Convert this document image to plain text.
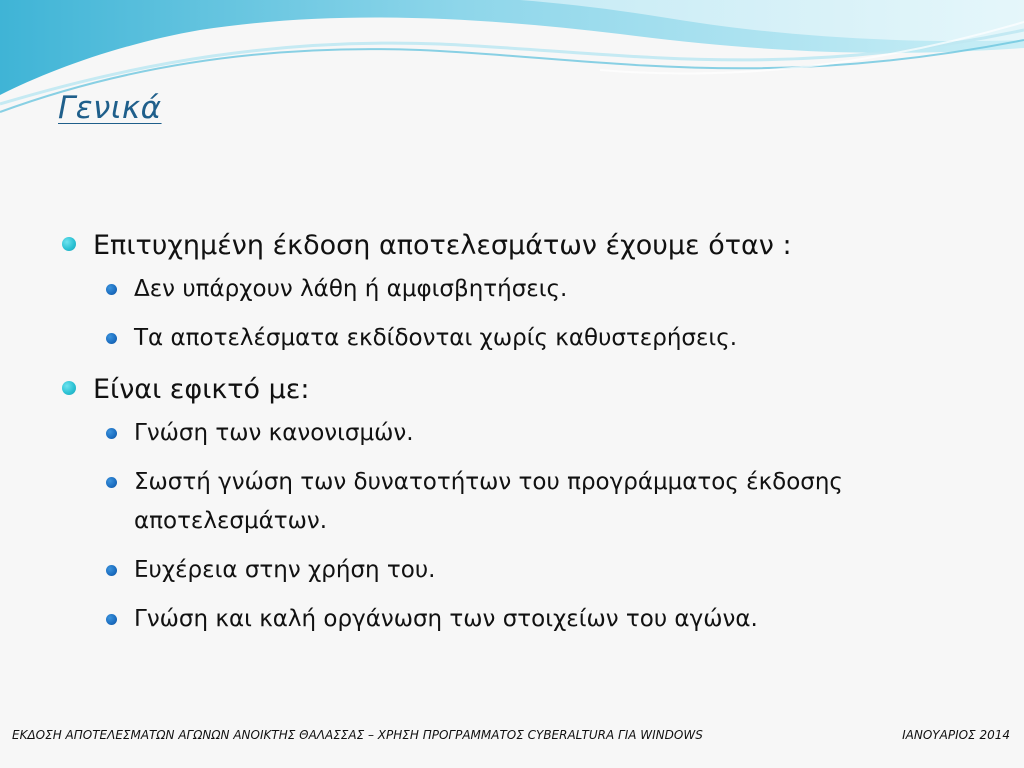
Γενικά
Επιτυχημένη έκδοση αποτελεσμάτων έχουμε όταν :
Δεν υπάρχουν λάθη ή αμφισβητήσεις.
Τα αποτελέσματα εκδίδονται χωρίς καθυστερήσεις.
Είναι εφικτό με:
Γνώση των κανονισμών.
Σωστή γνώση των δυνατοτήτων του προγράμματος έκδοσης αποτελεσμάτων.
Ευχέρεια στην χρήση του.
Γνώση και καλή οργάνωση των στοιχείων του αγώνα.
ΕΚΔΟΣΗ ΑΠΟΤΕΛΕΣΜΑΤΩΝ ΑΓΩΝΩΝ ΑΝΟΙΚΤΗΣ ΘΑΛΑΣΣΑΣ – ΧΡΗΣΗ ΠΡΟΓΡΑΜΜΑΤΟΣ CYBERALTURA ΓΙΑ WINDOWS	ΙΑΝΟΥΑΡΙΟΣ 2014
